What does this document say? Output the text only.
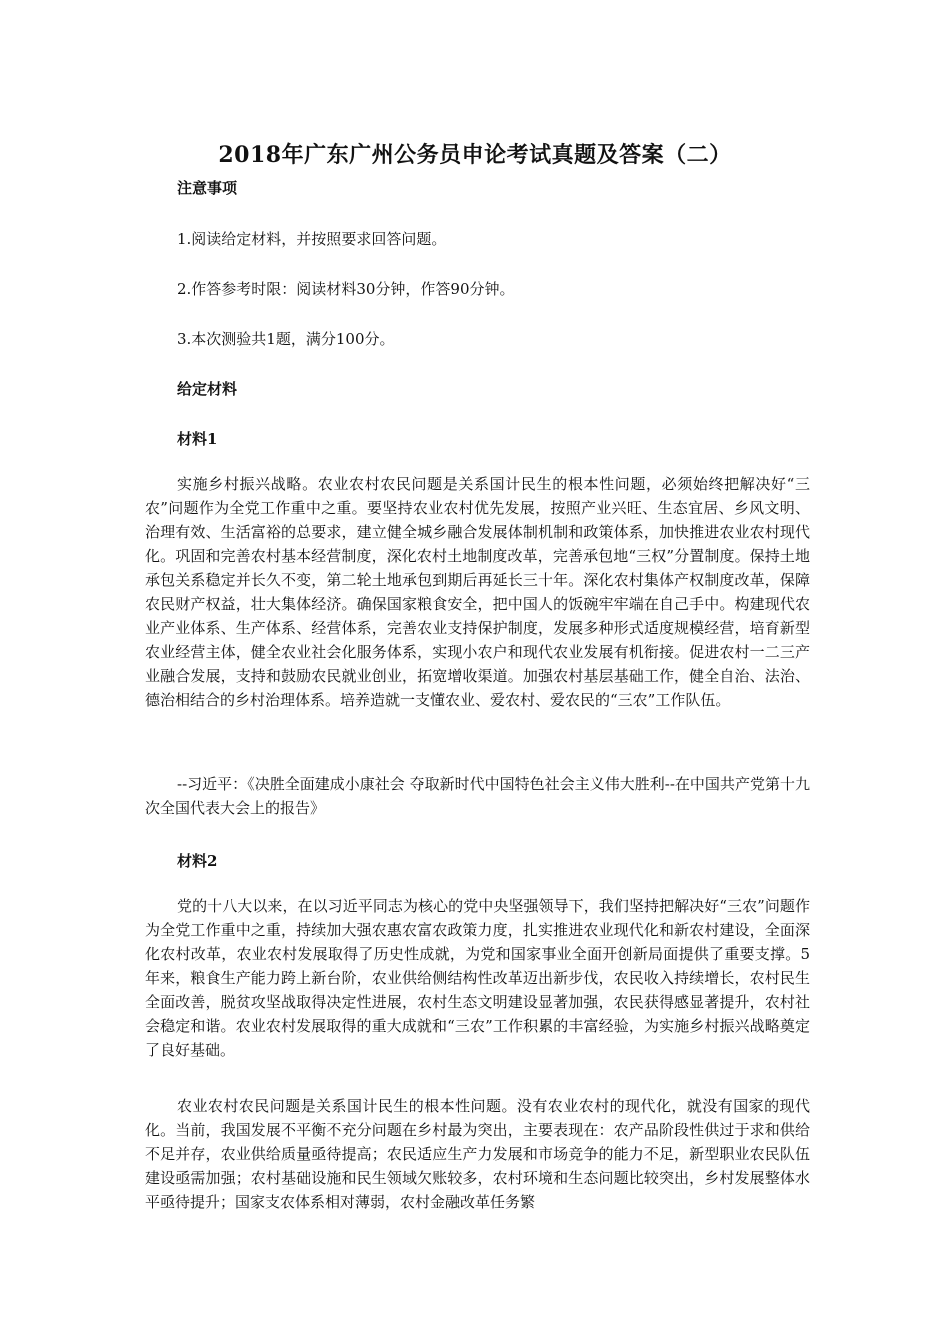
2018年广东广州公务员申论考试真题及答案（二）

注意事项

1.阅读给定材料，并按照要求回答问题。

2.作答参考时限：阅读材料30分钟，作答90分钟。

3.本次测验共1题，满分100分。

给定材料

材料1

实施乡村振兴战略。农业农村农民问题是关系国计民生的根本性问题，必须始终把解决好“三农”问题作为全党工作重中之重。要坚持农业农村优先发展，按照产业兴旺、生态宜居、乡风文明、治理有效、生活富裕的总要求，建立健全城乡融合发展体制机制和政策体系，加快推进农业农村现代化。巩固和完善农村基本经营制度，深化农村土地制度改革，完善承包地“三权”分置制度。保持土地承包关系稳定并长久不变，第二轮土地承包到期后再延长三十年。深化农村集体产权制度改革，保障农民财产权益，壮大集体经济。确保国家粮食安全，把中国人的饭碗牢牢端在自己手中。构建现代农业产业体系、生产体系、经营体系，完善农业支持保护制度，发展多种形式适度规模经营，培育新型农业经营主体，健全农业社会化服务体系，实现小农户和现代农业发展有机衔接。促进农村一二三产业融合发展，支持和鼓励农民就业创业，拓宽增收渠道。加强农村基层基础工作，健全自治、法治、德治相结合的乡村治理体系。培养造就一支懂农业、爱农村、爱农民的“三农”工作队伍。

--习近平：《决胜全面建成小康社会 夺取新时代中国特色社会主义伟大胜利--在中国共产党第十九次全国代表大会上的报告》

材料2

党的十八大以来，在以习近平同志为核心的党中央坚强领导下，我们坚持把解决好“三农”问题作为全党工作重中之重，持续加大强农惠农富农政策力度，扎实推进农业现代化和新农村建设，全面深化农村改革，农业农村发展取得了历史性成就，为党和国家事业全面开创新局面提供了重要支撑。5年来，粮食生产能力跨上新台阶，农业供给侧结构性改革迈出新步伐，农民收入持续增长，农村民生全面改善，脱贫攻坚战取得决定性进展，农村生态文明建设显著加强，农民获得感显著提升，农村社会稳定和谐。农业农村发展取得的重大成就和“三农”工作积累的丰富经验，为实施乡村振兴战略奠定了良好基础。

农业农村农民问题是关系国计民生的根本性问题。没有农业农村的现代化，就没有国家的现代化。当前，我国发展不平衡不充分问题在乡村最为突出，主要表现在：农产品阶段性供过于求和供给不足并存，农业供给质量亟待提高；农民适应生产力发展和市场竞争的能力不足，新型职业农民队伍建设亟需加强；农村基础设施和民生领域欠账较多，农村环境和生态问题比较突出，乡村发展整体水平亟待提升；国家支农体系相对薄弱，农村金融改革任务繁
